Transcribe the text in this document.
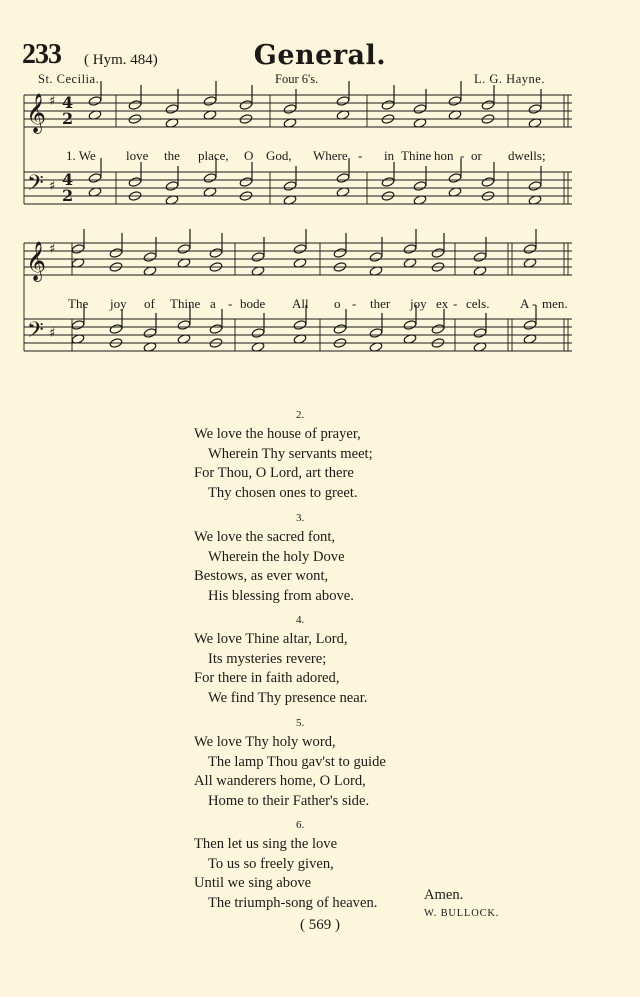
233 ( Hym. 484)	General.
St. Cecilia.	Four 6's.	L. G. Hayne.
𝄞
𝄢
♯
♯
𝄞
𝄢
♯
♯
4
4
2
2
1. We love the place, O God, Where - in Thine hon - or dwells;
The joy of Thine a - bode All o - ther joy ex - cels. A - men.
2.
We love the house of prayer,
Wherein Thy servants meet;
For Thou, O Lord, art there
Thy chosen ones to greet.
3.
We love the sacred font,
Wherein the holy Dove
Bestows, as ever wont,
His blessing from above.
4.
We love Thine altar, Lord,
Its mysteries revere;
For there in faith adored,
We find Thy presence near.
5.
We love Thy holy word,
The lamp Thou gav'st to guide
All wanderers home, O Lord,
Home to their Father's side.
6.
Then let us sing the love
To us so freely given,
Until we sing above
The triumph-song of heaven.	Amen.
W. BULLOCK.
( 569 )
